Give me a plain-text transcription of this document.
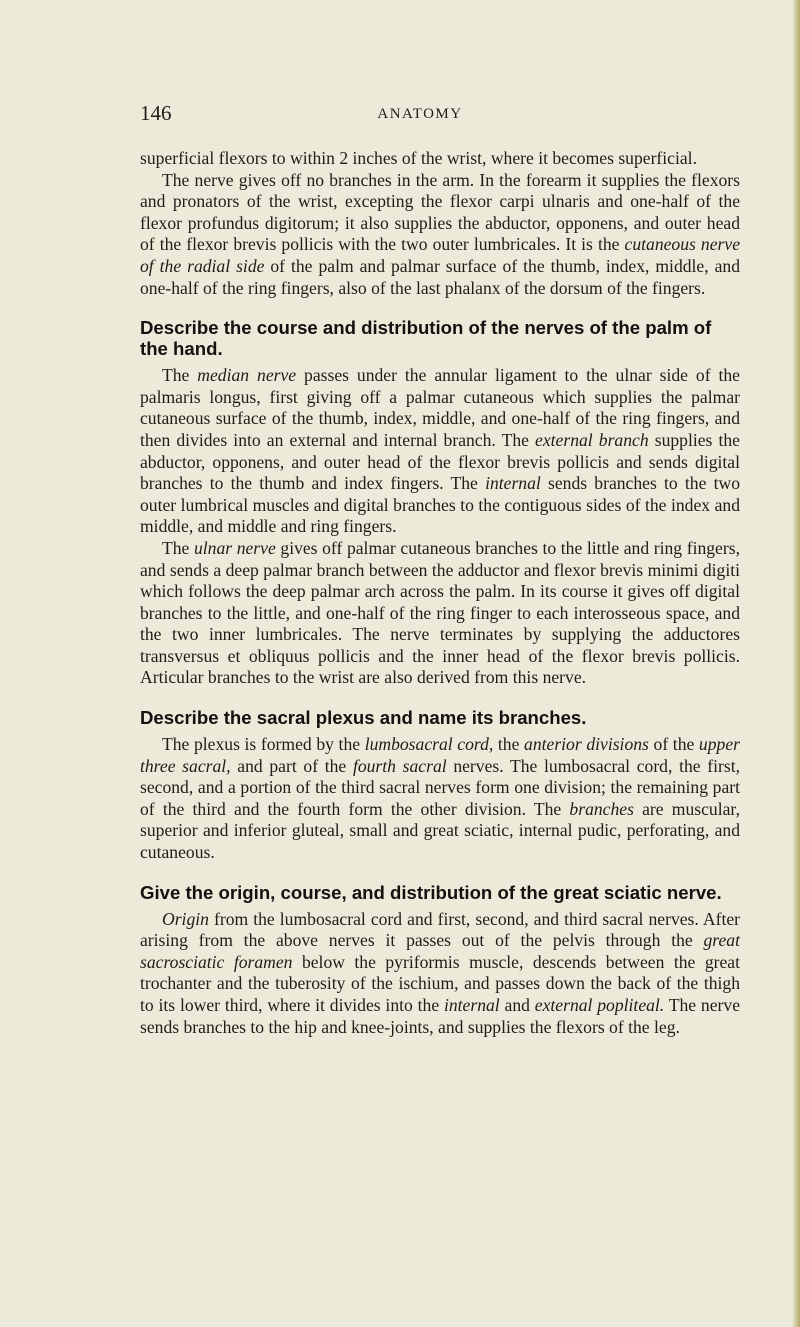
146	ANATOMY

superficial flexors to within 2 inches of the wrist, where it becomes superficial.

The nerve gives off no branches in the arm. In the forearm it supplies the flexors and pronators of the wrist, excepting the flexor carpi ulnaris and one-half of the flexor profundus digitorum; it also supplies the abductor, opponens, and outer head of the flexor brevis pollicis with the two outer lumbricales. It is the cutaneous nerve of the radial side of the palm and palmar surface of the thumb, index, middle, and one-half of the ring fingers, also of the last phalanx of the dorsum of the fingers.

Describe the course and distribution of the nerves of the palm of the hand.

The median nerve passes under the annular ligament to the ulnar side of the palmaris longus, first giving off a palmar cutaneous which supplies the palmar cutaneous surface of the thumb, index, middle, and one-half of the ring fingers, and then divides into an external and internal branch. The external branch supplies the abductor, opponens, and outer head of the flexor brevis pollicis and sends digital branches to the thumb and index fingers. The internal sends branches to the two outer lumbrical muscles and digital branches to the contiguous sides of the index and middle, and middle and ring fingers.

The ulnar nerve gives off palmar cutaneous branches to the little and ring fingers, and sends a deep palmar branch between the adductor and flexor brevis minimi digiti which follows the deep palmar arch across the palm. In its course it gives off digital branches to the little, and one-half of the ring finger to each interosseous space, and the two inner lumbricales. The nerve terminates by supplying the adductores transversus et obliquus pollicis and the inner head of the flexor brevis pollicis. Articular branches to the wrist are also derived from this nerve.

Describe the sacral plexus and name its branches.

The plexus is formed by the lumbosacral cord, the anterior divisions of the upper three sacral, and part of the fourth sacral nerves. The lumbosacral cord, the first, second, and a portion of the third sacral nerves form one division; the remaining part of the third and the fourth form the other division. The branches are muscular, superior and inferior gluteal, small and great sciatic, internal pudic, perforating, and cutaneous.

Give the origin, course, and distribution of the great sciatic nerve.

Origin from the lumbosacral cord and first, second, and third sacral nerves. After arising from the above nerves it passes out of the pelvis through the great sacrosciatic foramen below the pyriformis muscle, descends between the great trochanter and the tuberosity of the ischium, and passes down the back of the thigh to its lower third, where it divides into the internal and external popliteal. The nerve sends branches to the hip and knee-joints, and supplies the flexors of the leg.
